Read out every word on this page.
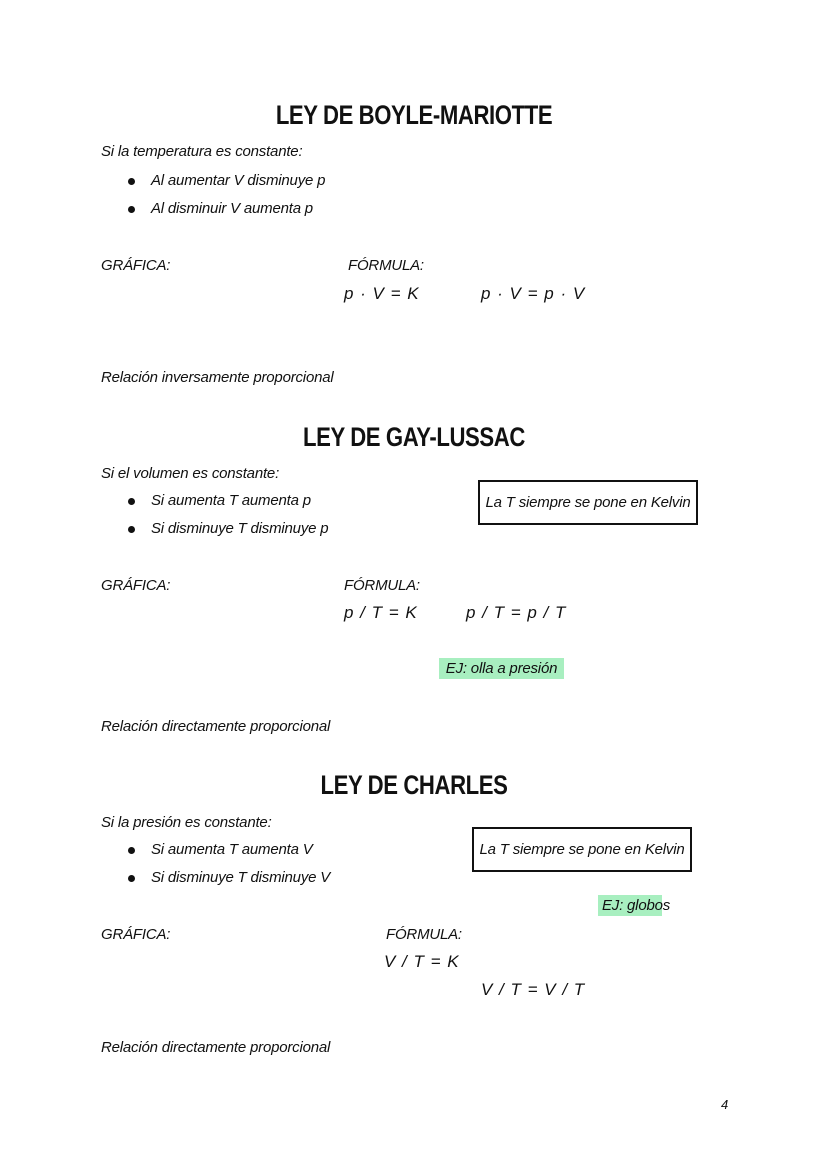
LEY DE BOYLE-MARIOTTE
Si la temperatura es constante:
Al aumentar V disminuye p
Al disminuir V aumenta p
GRÁFICA:	FÓRMULA:
p · V = K	p · V = p · V
Relación inversamente proporcional
LEY DE GAY-LUSSAC
Si el volumen es constante:
Si aumenta T aumenta p
Si disminuye T disminuye p
La T siempre se pone en Kelvin
GRÁFICA:	FÓRMULA:
p / T = K	p / T = p / T
EJ: olla a presión
Relación directamente proporcional
LEY DE CHARLES
Si la presión es constante:
Si aumenta T aumenta V
Si disminuye T disminuye V
La T siempre se pone en Kelvin
EJ: globos
GRÁFICA:	FÓRMULA:
V / T = K
V / T = V / T
Relación directamente proporcional
4
